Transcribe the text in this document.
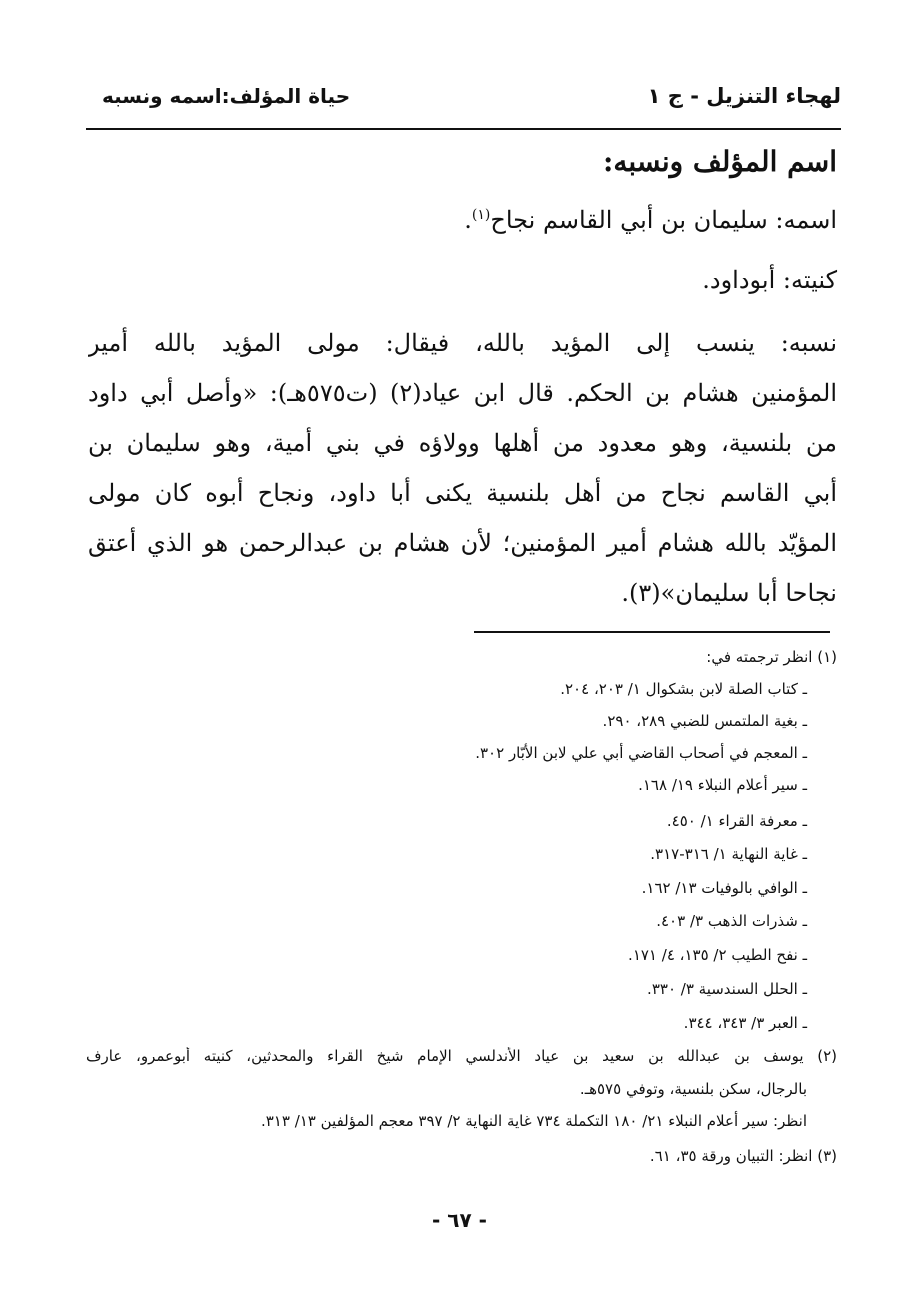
لهجاء التنزيل - ج ١
حياة المؤلف:اسمه ونسبه
اسم المؤلف ونسبه:
اسمه: سليمان بن أبي القاسم نجاح$^{(١)}$.
كنيته: أبوداود.
نسبه: ينسب إلى المؤيد بالله، فيقال: مولى المؤيد بالله أمير
المؤمنين هشام بن الحكم. قال ابن عياد(٢) (ت٥٧٥هـ): «وأصل أبي داود
من بلنسية، وهو معدود من أهلها وولاؤه في بني أمية، وهو سليمان بن
أبي القاسم نجاح من أهل بلنسية يكنى أبا داود، ونجاح أبوه كان مولى
المؤيّد بالله هشام أمير المؤمنين؛ لأن هشام بن عبدالرحمن هو الذي أعتق
نجاحا أبا سليمان»(٣).
(١) انظر ترجمته في:
ـ كتاب الصلة لابن بشكوال ١/ ٢٠٣، ٢٠٤.
ـ بغية الملتمس للضبي ٢٨٩، ٢٩٠.
ـ المعجم في أصحاب القاضي أبي علي لابن الأبّار ٣٠٢.
ـ سير أعلام النبلاء ١٩/ ١٦٨.
ـ معرفة القراء ١/ ٤٥٠.
ـ غاية النهاية ١/ ٣١٦-٣١٧.
ـ الوافي بالوفيات ١٣/ ١٦٢.
ـ شذرات الذهب ٣/ ٤٠٣.
ـ نفح الطيب ٢/ ١٣٥، ٤/ ١٧١.
ـ الحلل السندسية ٣/ ٣٣٠.
ـ العبر ٣/ ٣٤٣، ٣٤٤.
(٢) يوسف بن عبدالله بن سعيد بن عياد الأندلسي الإمام شيخ القراء والمحدثين، كنيته أبوعمرو، عارف
بالرجال، سكن بلنسية، وتوفي ٥٧٥هـ.
انظر: سير أعلام النبلاء ٢١/ ١٨٠ التكملة ٧٣٤ غاية النهاية ٢/ ٣٩٧ معجم المؤلفين ١٣/ ٣١٣.
(٣) انظر: التبيان ورقة ٣٥، ٦١.
- ٦٧ -
